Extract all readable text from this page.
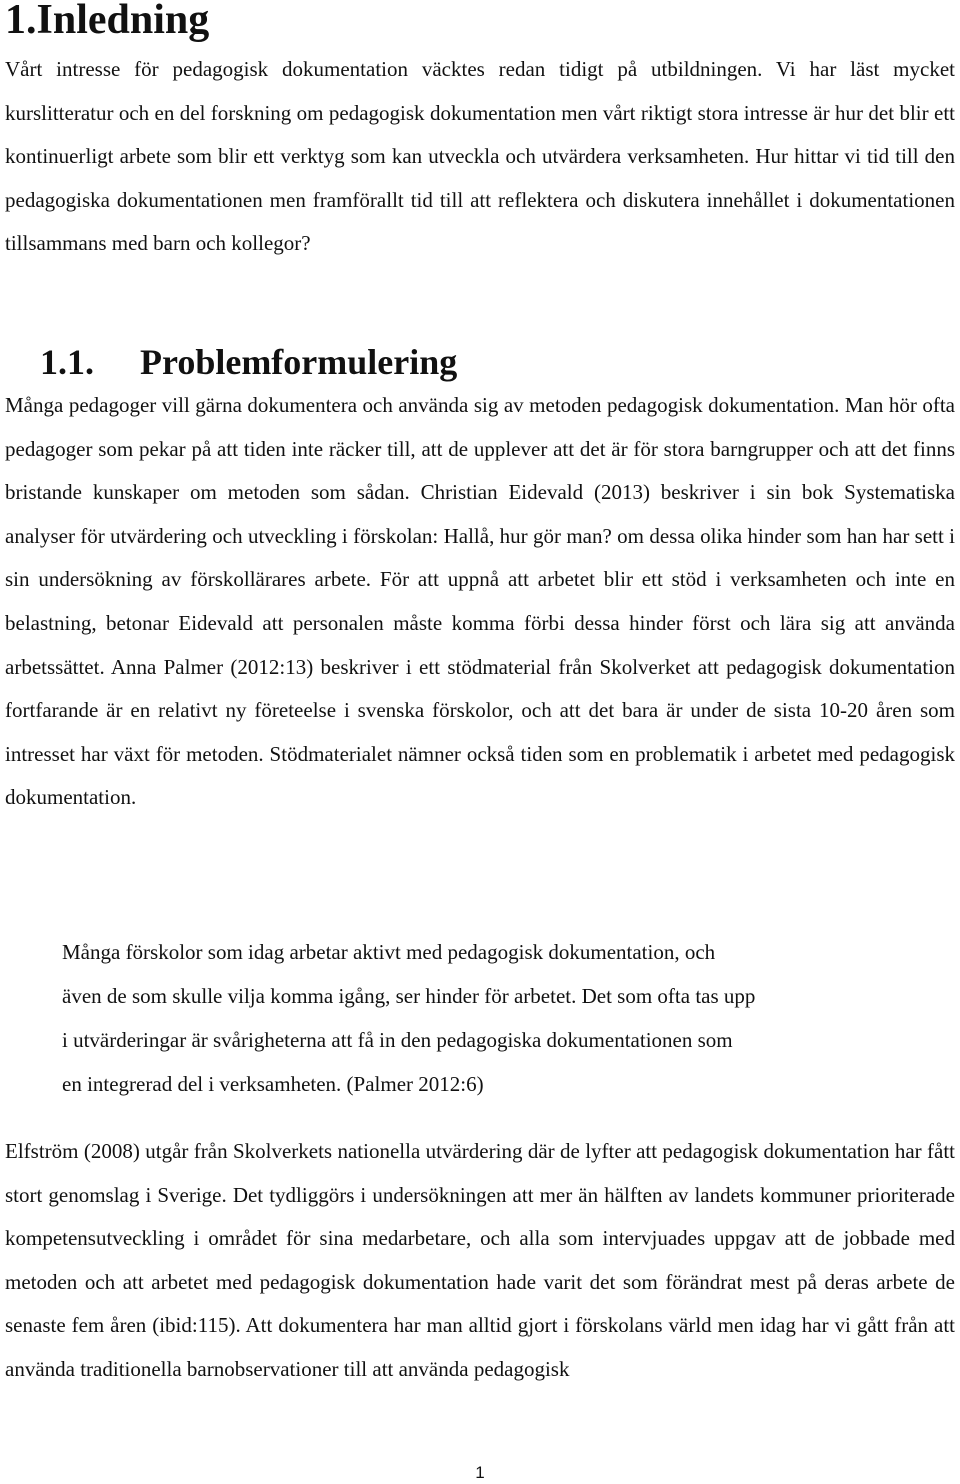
1.Inledning

Vårt intresse för pedagogisk dokumentation väcktes redan tidigt på utbildningen. Vi har läst mycket kurslitteratur och en del forskning om pedagogisk dokumentation men vårt riktigt stora intresse är hur det blir ett kontinuerligt arbete som blir ett verktyg som kan utveckla och utvärdera verksamheten. Hur hittar vi tid till den pedagogiska dokumentationen men framförallt tid till att reflektera och diskutera innehållet i dokumentationen tillsammans med barn och kollegor?

1.1. Problemformulering

Många pedagoger vill gärna dokumentera och använda sig av metoden pedagogisk dokumentation. Man hör ofta pedagoger som pekar på att tiden inte räcker till, att de upplever att det är för stora barngrupper och att det finns bristande kunskaper om metoden som sådan. Christian Eidevald (2013) beskriver i sin bok Systematiska analyser för utvärdering och utveckling i förskolan: Hallå, hur gör man? om dessa olika hinder som han har sett i sin undersökning av förskollärares arbete. För att uppnå att arbetet blir ett stöd i verksamheten och inte en belastning, betonar Eidevald att personalen måste komma förbi dessa hinder först och lära sig att använda arbetssättet. Anna Palmer (2012:13) beskriver i ett stödmaterial från Skolverket att pedagogisk dokumentation fortfarande är en relativt ny företeelse i svenska förskolor, och att det bara är under de sista 10-20 åren som intresset har växt för metoden. Stödmaterialet nämner också tiden som en problematik i arbetet med pedagogisk dokumentation.

Många förskolor som idag arbetar aktivt med pedagogisk dokumentation, och
även de som skulle vilja komma igång, ser hinder för arbetet. Det som ofta tas upp
i utvärderingar är svårigheterna att få in den pedagogiska dokumentationen som
en integrerad del i verksamheten. (Palmer 2012:6)

Elfström (2008) utgår från Skolverkets nationella utvärdering där de lyfter att pedagogisk dokumentation har fått stort genomslag i Sverige. Det tydliggörs i undersökningen att mer än hälften av landets kommuner prioriterade kompetensutveckling i området för sina medarbetare, och alla som intervjuades uppgav att de jobbade med metoden och att arbetet med pedagogisk dokumentation hade varit det som förändrat mest på deras arbete de senaste fem åren (ibid:115). Att dokumentera har man alltid gjort i förskolans värld men idag har vi gått från att använda traditionella barnobservationer till att använda pedagogisk

1
